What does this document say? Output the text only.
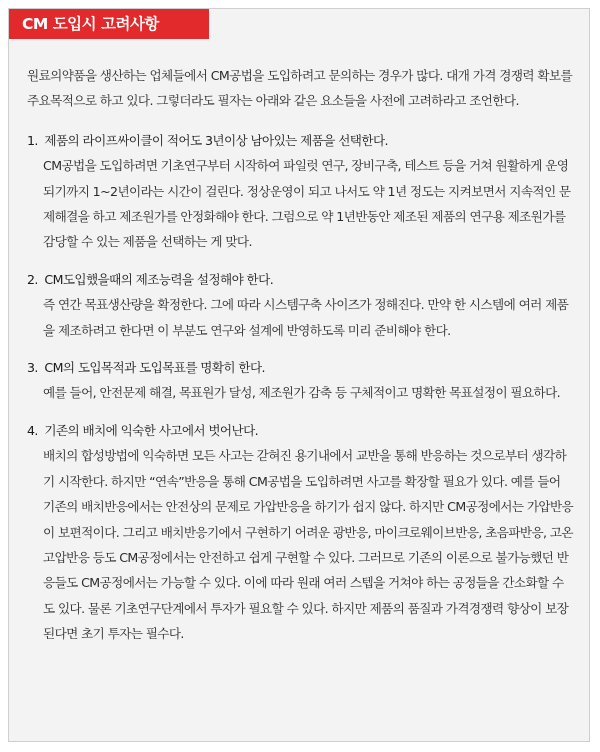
CM 도입시 고려사항

원료의약품을 생산하는 업체들에서 CM공법을 도입하려고 문의하는 경우가 많다. 대개 가격 경쟁력 확보를 주요목적으로 하고 있다. 그렇더라도 필자는 아래와 같은 요소들을 사전에 고려하라고 조언한다.

1. 제품의 라이프싸이클이 적어도 3년이상 남아있는 제품을 선택한다.

CM공법을 도입하려면 기초연구부터 시작하여 파일럿 연구, 장비구축, 테스트 등을 거쳐 원활하게 운영되기까지 1~2년이라는 시간이 걸린다. 정상운영이 되고 나서도 약 1년 정도는 지켜보면서 지속적인 문제해결을 하고 제조원가를 안정화해야 한다. 그럼으로 약 1년반동안 제조된 제품의 연구용 제조원가를 감당할 수 있는 제품을 선택하는 게 맞다.

2. CM도입했을때의 제조능력을 설정해야 한다.

즉 연간 목표생산량을 확정한다. 그에 따라 시스템구축 사이즈가 정해진다. 만약 한 시스템에 여러 제품을 제조하려고 한다면 이 부분도 연구와 설계에 반영하도록 미리 준비해야 한다.

3. CM의 도입목적과 도입목표를 명확히 한다.

예를 들어, 안전문제 해결, 목표원가 달성, 제조원가 감축 등 구체적이고 명확한 목표설정이 필요하다.

4. 기존의 배치에 익숙한 사고에서 벗어난다.

배치의 합성방법에 익숙하면 모든 사고는 갇혀진 용기내에서 교반을 통해 반응하는 것으로부터 생각하기 시작한다. 하지만 “연속”반응을 통해 CM공법을 도입하려면 사고를 확장할 필요가 있다. 예를 들어 기존의 배치반응에서는 안전상의 문제로 가압반응을 하기가 쉽지 않다. 하지만 CM공정에서는 가압반응이 보편적이다. 그리고 배치반응기에서 구현하기 어려운 광반응, 마이크로웨이브반응, 초음파반응, 고온고압반응 등도 CM공정에서는 안전하고 쉽게 구현할 수 있다. 그러므로 기존의 이론으로 불가능했던 반응들도 CM공정에서는 가능할 수 있다. 이에 따라 원래 여러 스텝을 거쳐야 하는 공정들을 간소화할 수도 있다. 물론 기초연구단계에서 투자가 필요할 수 있다. 하지만 제품의 품질과 가격경쟁력 향상이 보장된다면 초기 투자는 필수다.
